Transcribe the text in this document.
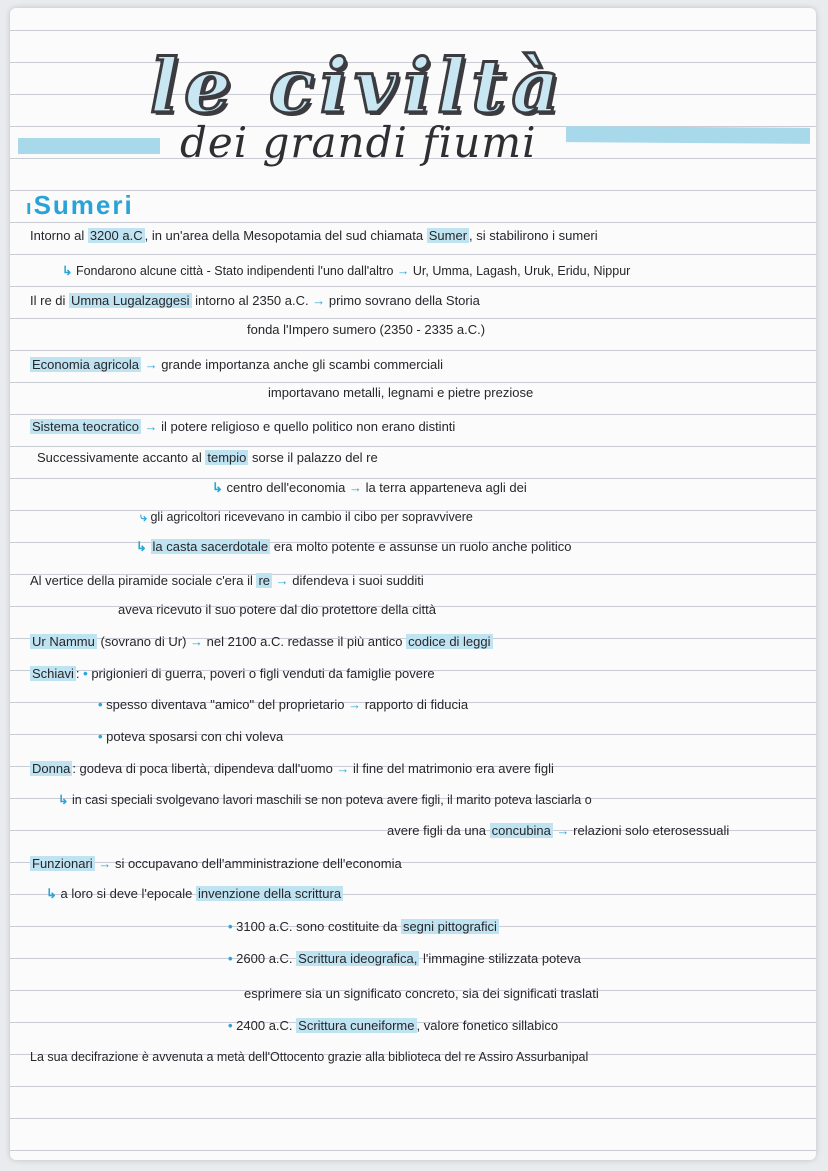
le civiltà
dei grandi fiumi
ıSumeri
Intorno al 3200 a.C , in un'area della Mesopotamia del sud chiamata Sumer , si stabilirono i sumeri
↳ Fondarono alcune città - Stato indipendenti l'uno dall'altro → Ur, Umma, Lagash, Uruk, Eridu, Nippur
Il re di Umma Lugalzaggesi intorno al 2350 a.C. → primo sovrano della Storia
fonda l'Impero sumero (2350 - 2335 a.C.)
Economia agricola → grande importanza anche gli scambi commerciali
importavano metalli, legnami e pietre preziose
Sistema teocratico → il potere religioso e quello politico non erano distinti
Successivamente accanto al tempio sorse il palazzo del re
↳ centro dell'economia → la terra apparteneva agli dei
⤷ gli agricoltori ricevevano in cambio il cibo per sopravvivere
↳ la casta sacerdotale era molto potente e assunse un ruolo anche politico
Al vertice della piramide sociale c'era il re → difendeva i suoi sudditi
aveva ricevuto il suo potere dal dio protettore della città
Ur Nammu (sovrano di Ur) → nel 2100 a.C. redasse il più antico codice di leggi
Schiavi : • prigionieri di guerra, poveri o figli venduti da famiglie povere
• spesso diventava "amico" del proprietario → rapporto di fiducia
• poteva sposarsi con chi voleva
Donna : godeva di poca libertà, dipendeva dall'uomo → il fine del matrimonio era avere figli
↳ in casi speciali svolgevano lavori maschili se non poteva avere figli, il marito poteva lasciarla o
avere figli da una concubina → relazioni solo eterosessuali
Funzionari → si occupavano dell'amministrazione dell'economia
↳ a loro si deve l'epocale invenzione della scrittura
• 3100 a.C. sono costituite da segni pittografici
• 2600 a.C. Scrittura ideografica, l'immagine stilizzata poteva
esprimere sia un significato concreto, sia dei significati traslati
• 2400 a.C. Scrittura cuneiforme , valore fonetico sillabico
La sua decifrazione è avvenuta a metà dell'Ottocento grazie alla biblioteca del re Assiro Assurbanipal
